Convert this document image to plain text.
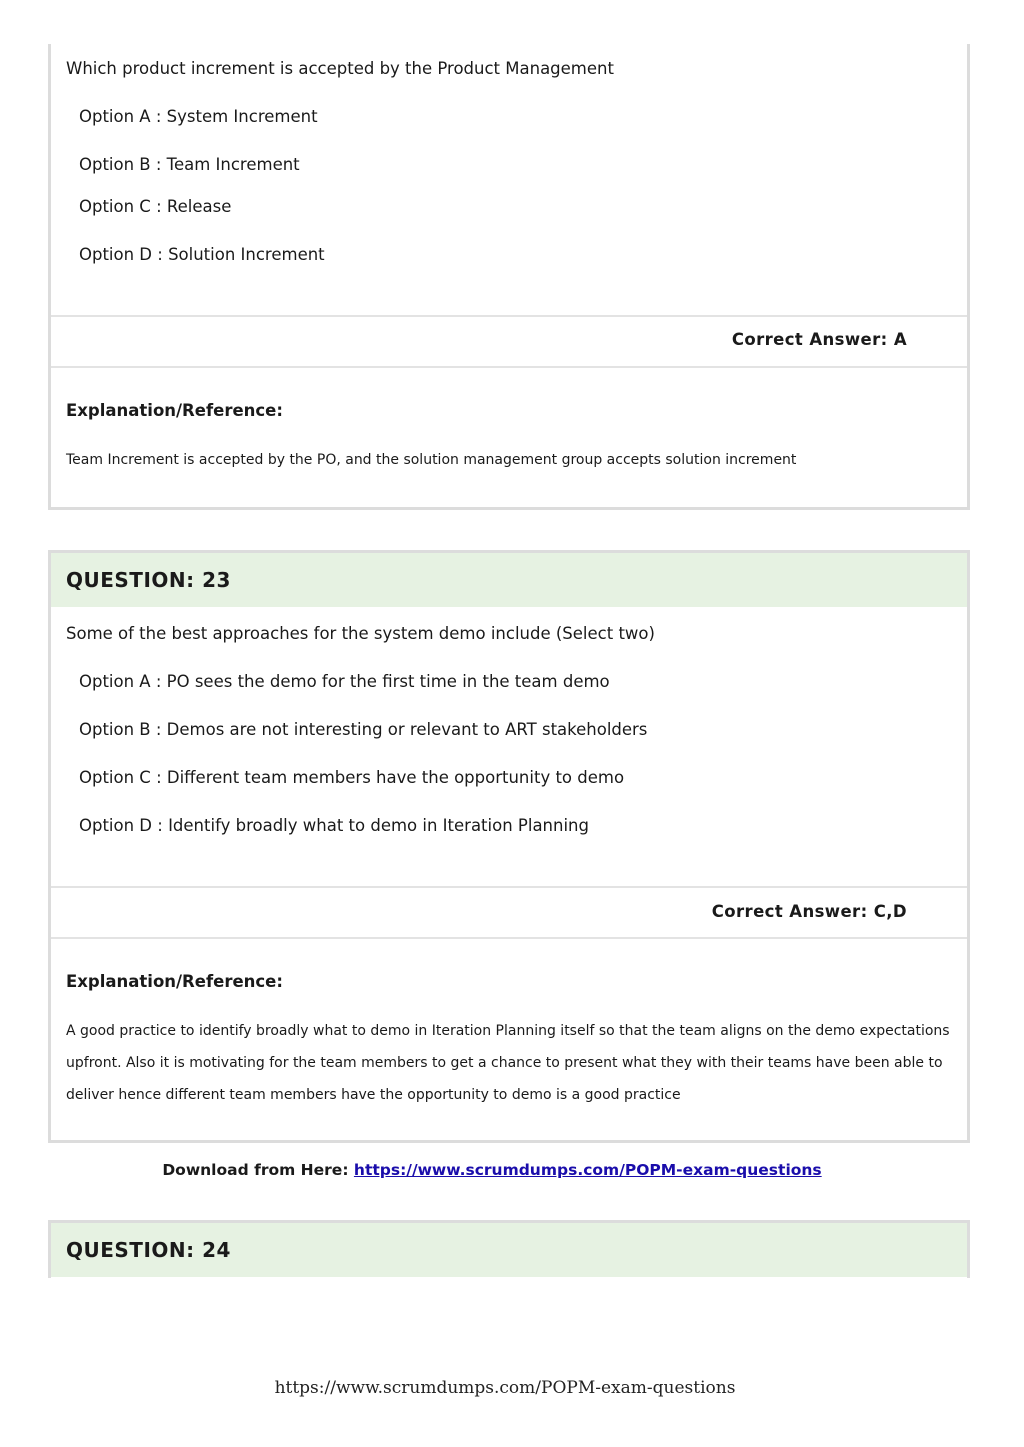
Which product increment is accepted by the Product Management
Option A : System Increment
Option B : Team Increment
Option C : Release
Option D : Solution Increment
Correct Answer: A
Explanation/Reference:
Team Increment is accepted by the PO, and the solution management group accepts solution increment
QUESTION: 23
Some of the best approaches for the system demo include (Select two)
Option A : PO sees the demo for the first time in the team demo
Option B : Demos are not interesting or relevant to ART stakeholders
Option C : Different team members have the opportunity to demo
Option D : Identify broadly what to demo in Iteration Planning
Correct Answer: C,D
Explanation/Reference:
A good practice to identify broadly what to demo in Iteration Planning itself so that the team aligns on the demo expectations upfront. Also it is motivating for the team members to get a chance to present what they with their teams have been able to deliver hence different team members have the opportunity to demo is a good practice
Download from Here: https://www.scrumdumps.com/POPM-exam-questions
QUESTION: 24
https://www.scrumdumps.com/POPM-exam-questions
